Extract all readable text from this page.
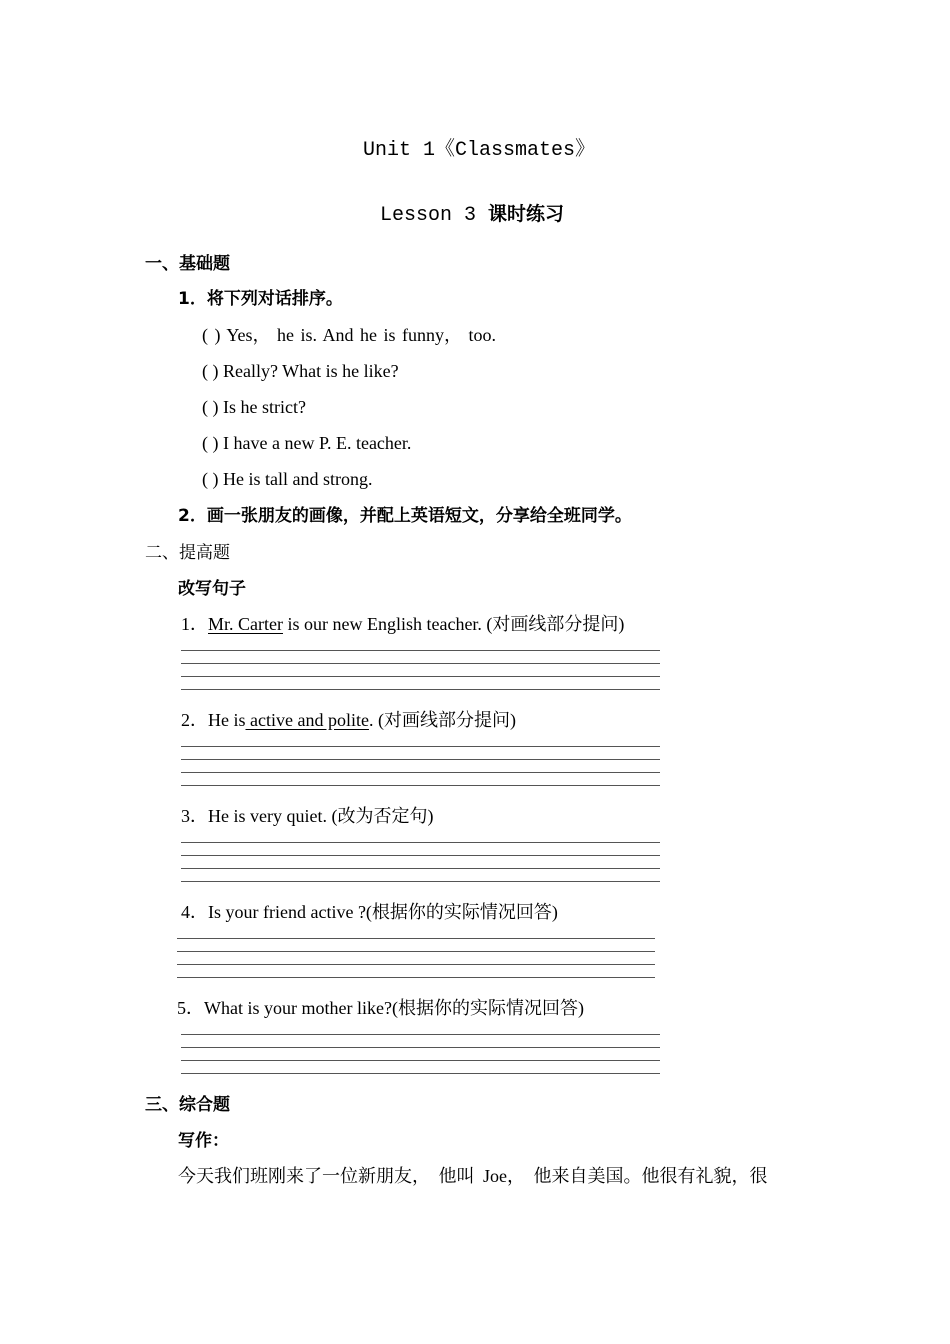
Unit 1《Classmates》
Lesson 3 课时练习
一、基础题
1．将下列对话排序。
( ) Yes， he is. And he is funny， too.
( ) Really? What is he like?
( ) Is he strict?
( ) I have a new P. E. teacher.
( ) He is tall and strong.
2．画一张朋友的画像，并配上英语短文，分享给全班同学。
二、提高题
改写句子
1．Mr. Carter is our new English teacher. (对画线部分提问)
2．He is active and polite. (对画线部分提问)
3．He is very quiet. (改为否定句)
4．Is your friend active ?(根据你的实际情况回答)
5．What is your mother like?(根据你的实际情况回答)
三、综合题
写作：
今天我们班刚来了一位新朋友， 他叫 Joe， 他来自美国。他很有礼貌，很
